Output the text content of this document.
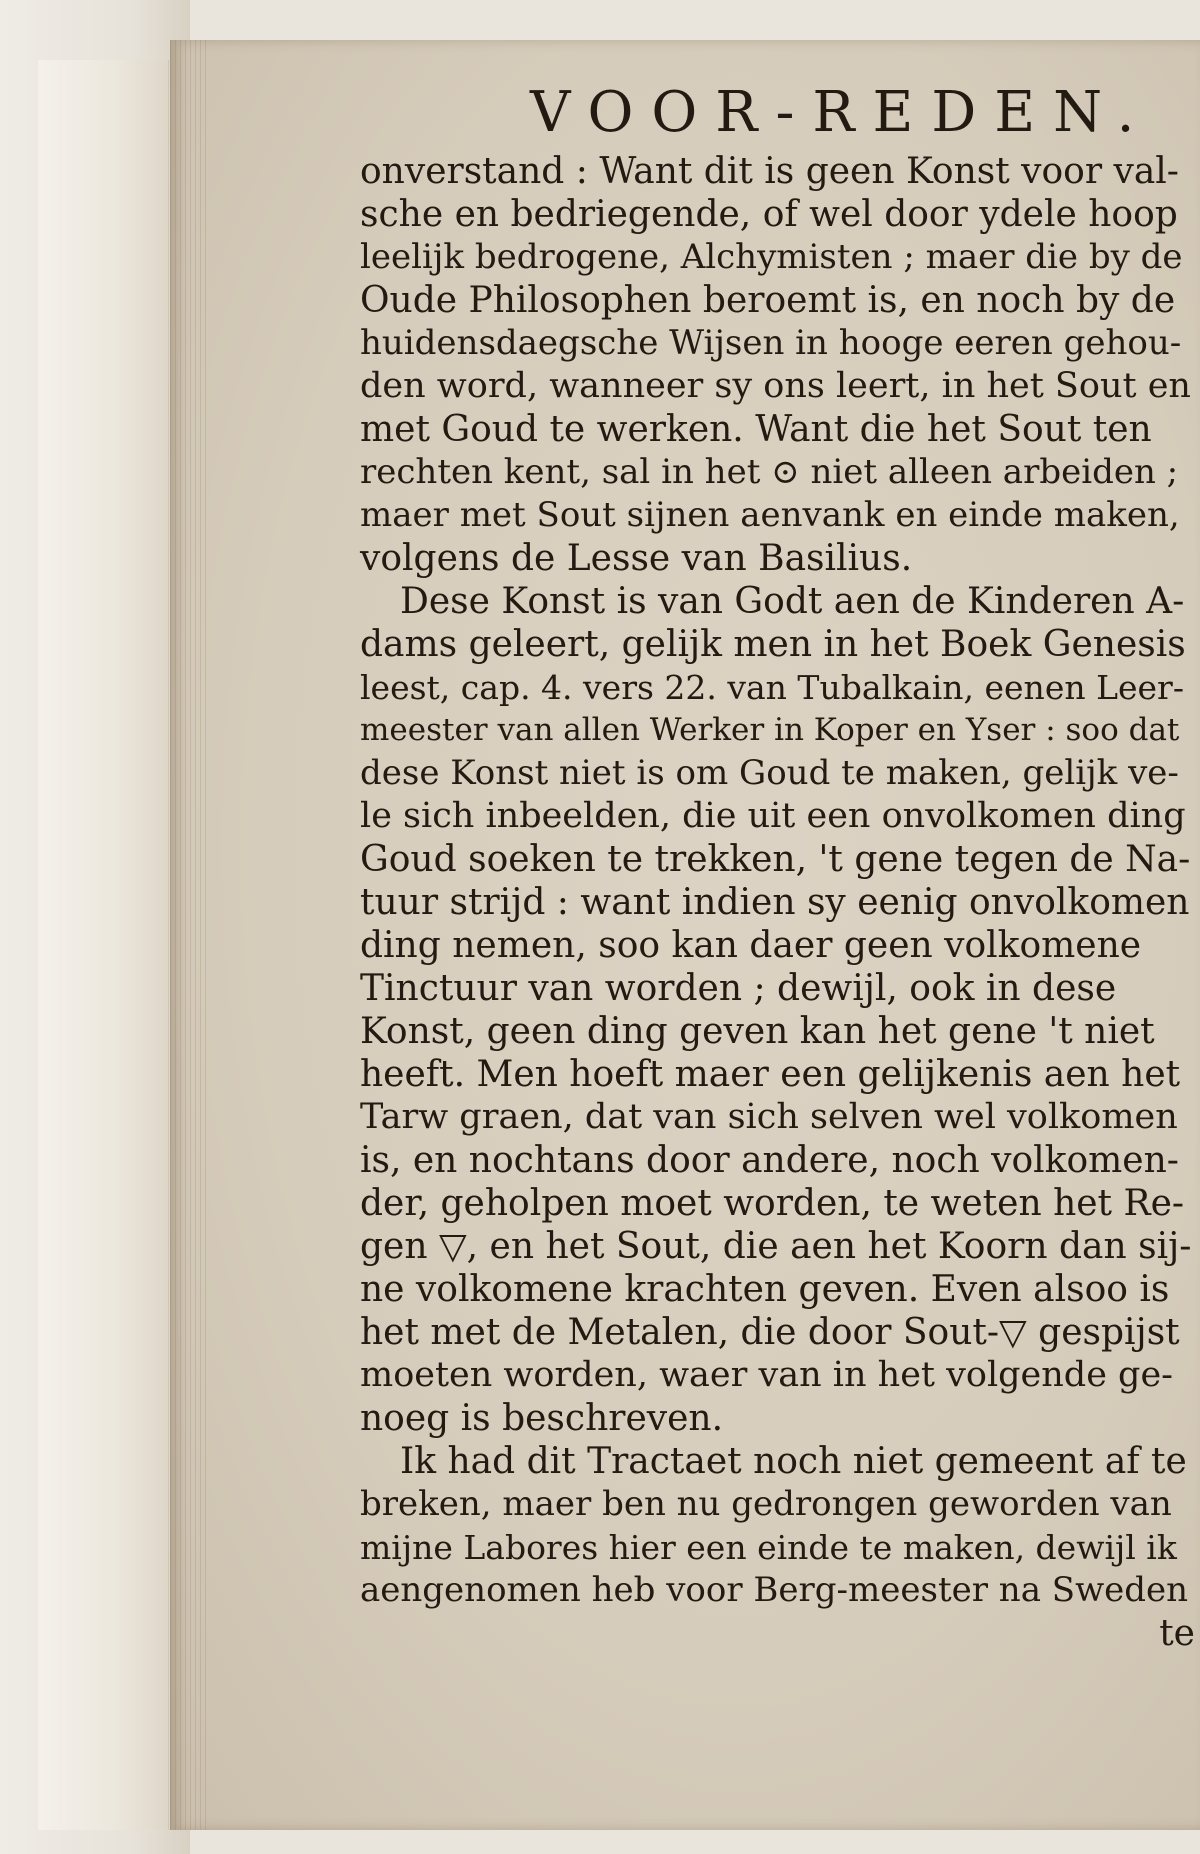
VOOR-REDEN.
onverstand : Want dit is geen Konst voor val-
sche en bedriegende, of wel door ydele hoop
leelijk bedrogene, Alchymisten ; maer die by de
Oude Philosophen beroemt is, en noch by de
huidensdaegsche Wijsen in hooge eeren gehou-
den word, wanneer sy ons leert, in het Sout en
met Goud te werken. Want die het Sout ten
rechten kent, sal in het ⊙ niet alleen arbeiden ;
maer met Sout sijnen aenvank en einde maken,
volgens de Lesse van Basilius.
Dese Konst is van Godt aen de Kinderen A-
dams geleert, gelijk men in het Boek Genesis
leest, cap. 4. vers 22. van Tubalkain, eenen Leer-
meester van allen Werker in Koper en Yser : soo dat
dese Konst niet is om Goud te maken, gelijk ve-
le sich inbeelden, die uit een onvolkomen ding
Goud soeken te trekken, 't gene tegen de Na-
tuur strijd : want indien sy eenig onvolkomen
ding nemen, soo kan daer geen volkomene
Tinctuur van worden ; dewijl, ook in dese
Konst, geen ding geven kan het gene 't niet
heeft. Men hoeft maer een gelijkenis aen het
Tarw graen, dat van sich selven wel volkomen
is, en nochtans door andere, noch volkomen-
der, geholpen moet worden, te weten het Re-
gen ▽, en het Sout, die aen het Koorn dan sij-
ne volkomene krachten geven. Even alsoo is
het met de Metalen, die door Sout-▽ gespijst
moeten worden, waer van in het volgende ge-
noeg is beschreven.
Ik had dit Tractaet noch niet gemeent af te
breken, maer ben nu gedrongen geworden van
mijne Labores hier een einde te maken, dewijl ik
aengenomen heb voor Berg-meester na Sweden
te
